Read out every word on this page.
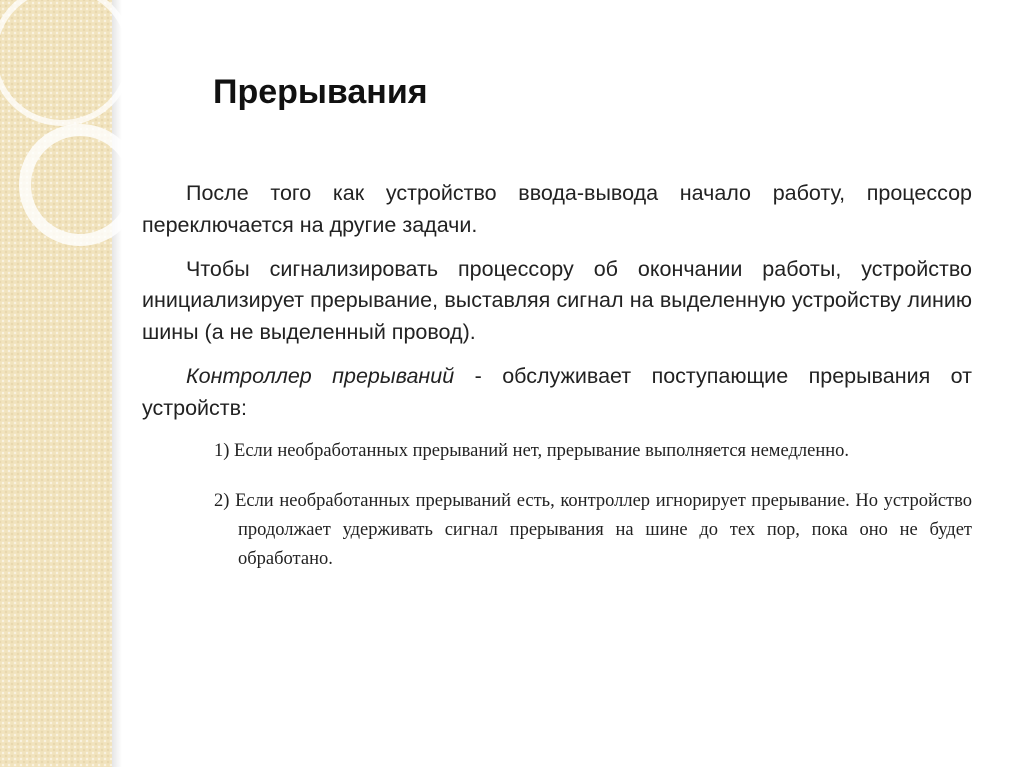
Прерывания

После того как устройство ввода-вывода начало работу, процессор переключается на другие задачи.

Чтобы сигнализировать процессору об окончании работы, устройство инициализирует прерывание, выставляя сигнал на выделенную устройству линию шины (а не выделенный провод).

Контроллер прерываний - обслуживает поступающие прерывания от устройств:

1) Если необработанных прерываний нет, прерывание выполняется немедленно.
2) Если необработанных прерываний есть, контроллер игнорирует прерывание. Но устройство продолжает удерживать сигнал прерывания на шине до тех пор, пока оно не будет обработано.
